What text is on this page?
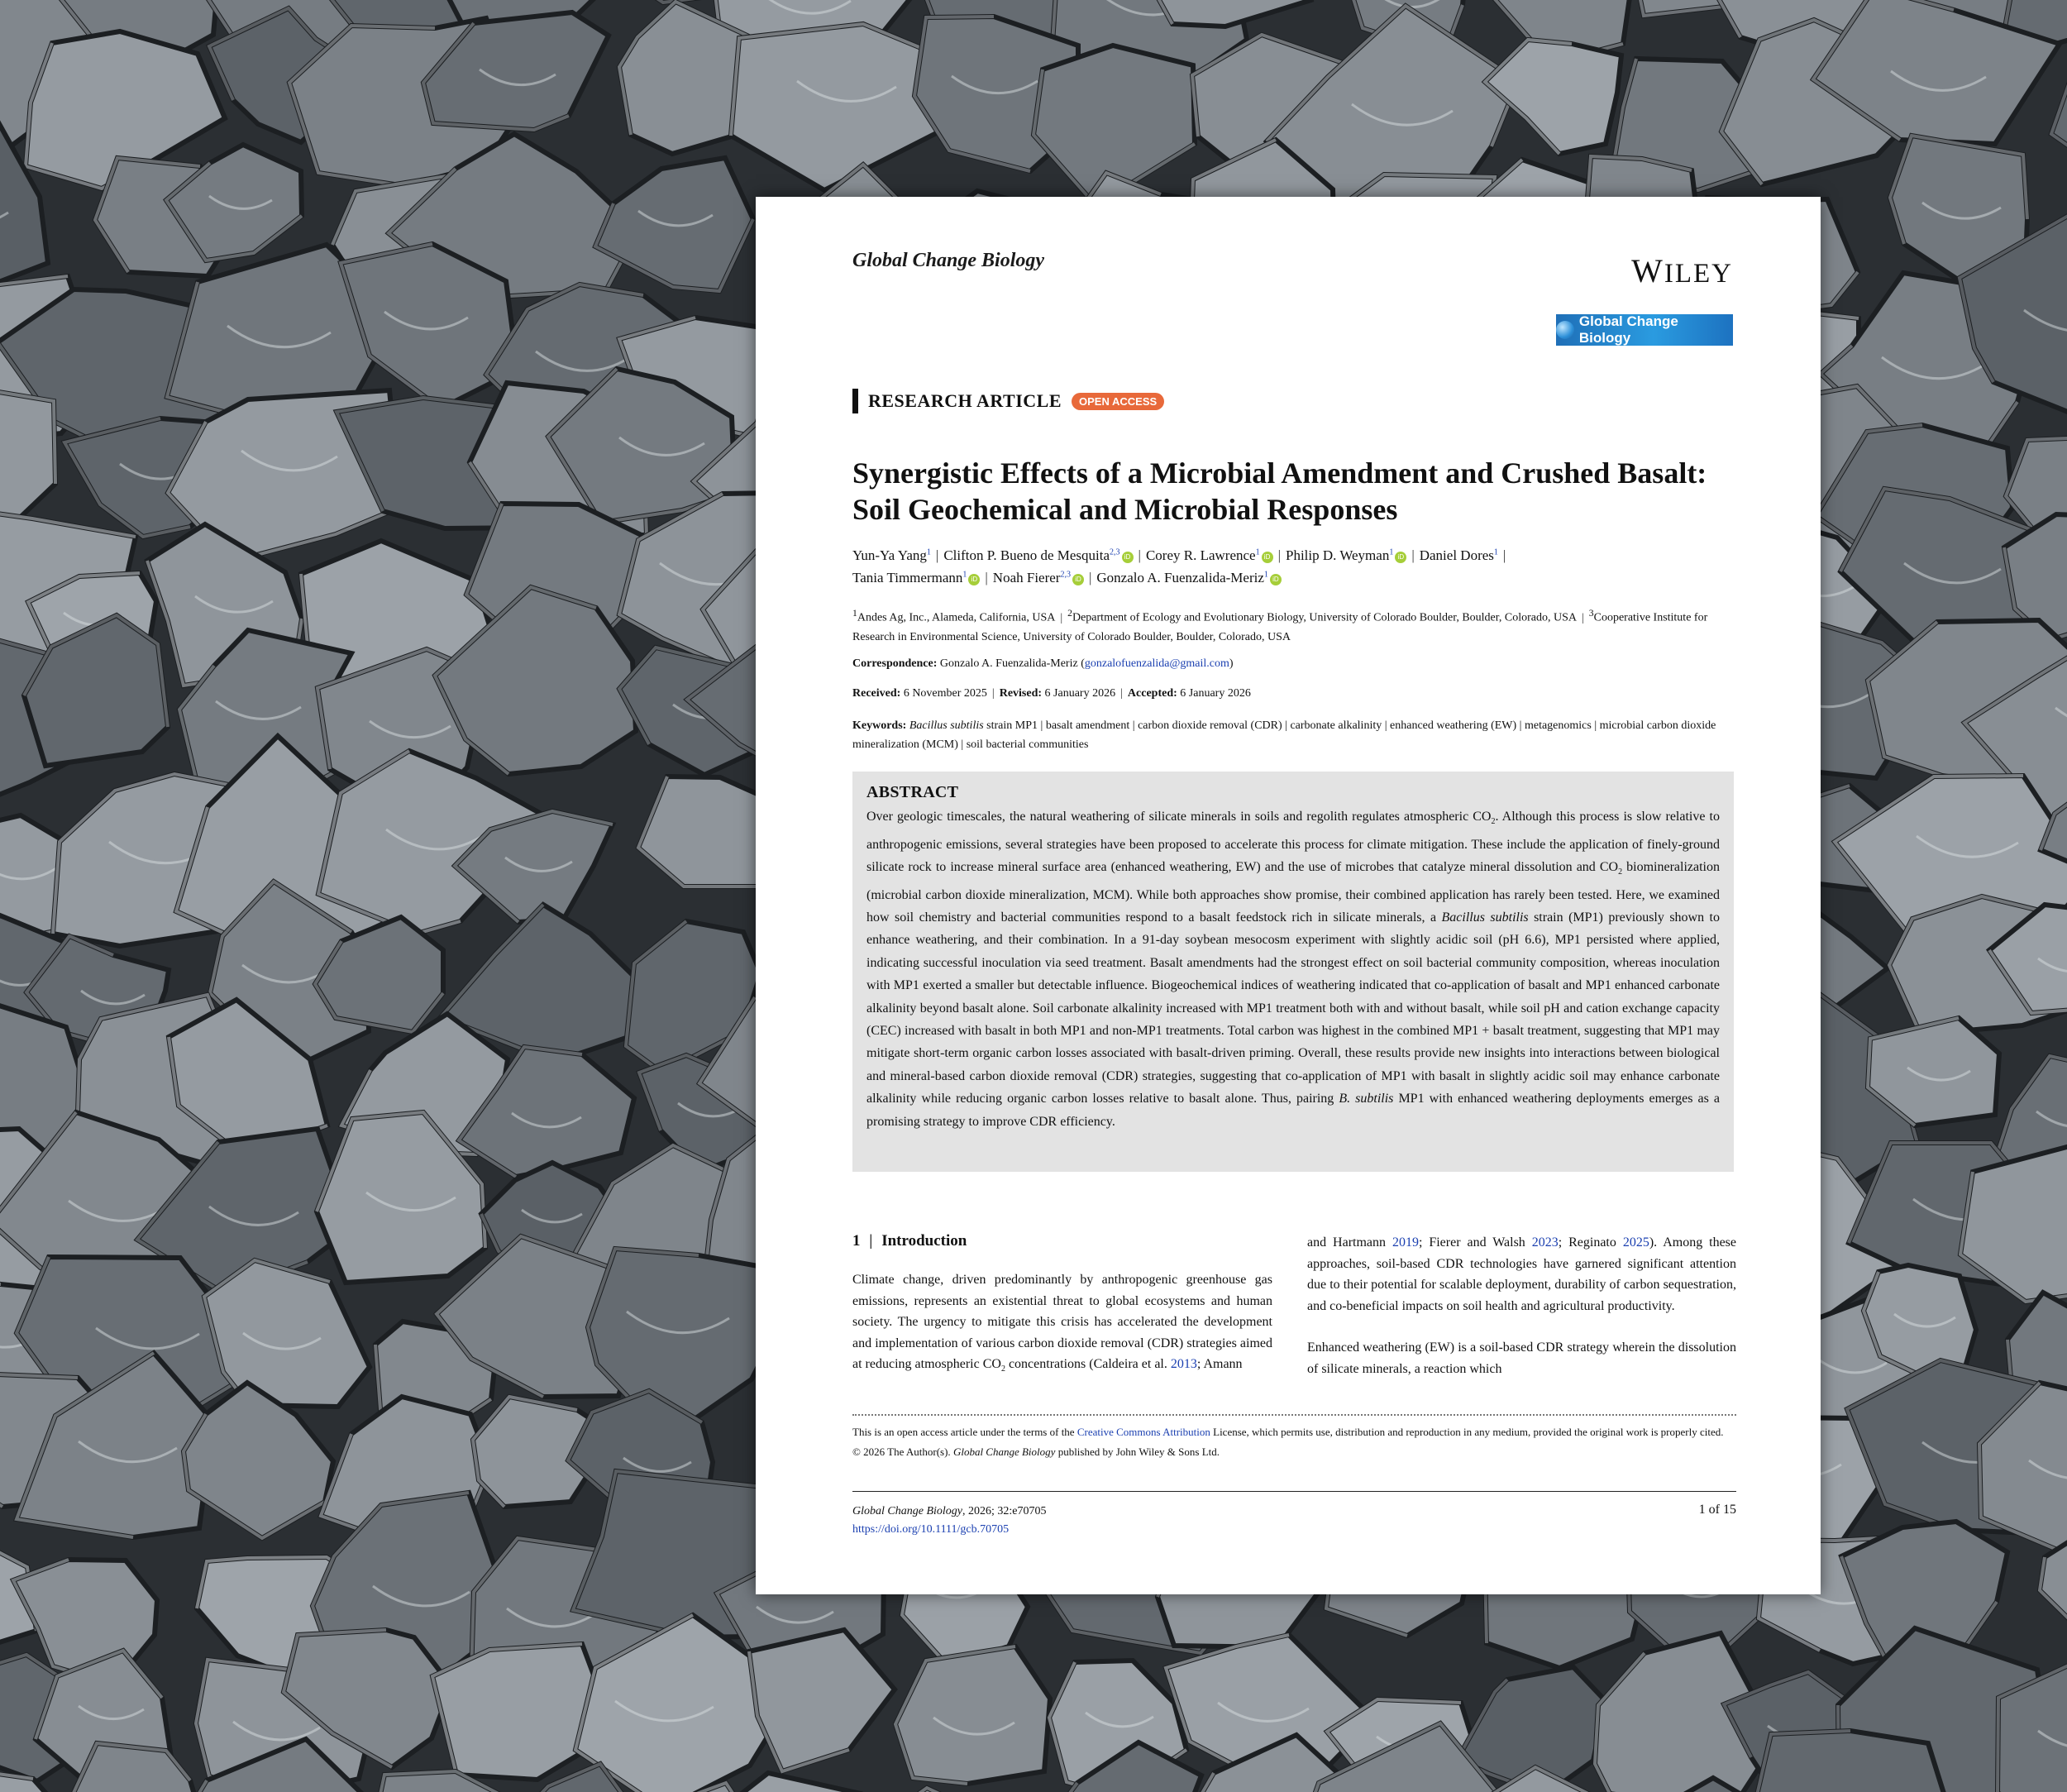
Global Change Biology	WILEY
Global Change Biology
RESEARCH ARTICLE	OPEN ACCESS
Synergistic Effects of a Microbial Amendment and Crushed Basalt: Soil Geochemical and Microbial Responses
Yun-Ya Yang$^1$ | Clifton P. Bueno de Mesquita$^{2,3}$iD | Corey R. Lawrence$^1$iD | Philip D. Weyman$^1$iD | Daniel Dores$^1$ |
Tania Timmermann$^1$iD | Noah Fierer$^{2,3}$iD | Gonzalo A. Fuenzalida-Meriz$^1$iD
$^1$Andes Ag, Inc., Alameda, California, USA | $^2$Department of Ecology and Evolutionary Biology, University of Colorado Boulder, Boulder, Colorado, USA | $^3$Cooperative Institute for Research in Environmental Science, University of Colorado Boulder, Boulder, Colorado, USA
Correspondence: Gonzalo A. Fuenzalida-Meriz (gonzalofuenzalida@gmail.com)
Received: 6 November 2025 | Revised: 6 January 2026 | Accepted: 6 January 2026
Keywords: Bacillus subtilis strain MP1 | basalt amendment | carbon dioxide removal (CDR) | carbonate alkalinity | enhanced weathering (EW) | metagenomics | microbial carbon dioxide mineralization (MCM) | soil bacterial communities
ABSTRACT

Over geologic timescales, the natural weathering of silicate minerals in soils and regolith regulates atmospheric $CO_2$. Although this process is slow relative to anthropogenic emissions, several strategies have been proposed to accelerate this process for climate mitigation. These include the application of finely-ground silicate rock to increase mineral surface area (enhanced weathering, EW) and the use of microbes that catalyze mineral dissolution and $CO_2$ biomineralization (microbial carbon dioxide mineralization, MCM). While both approaches show promise, their combined application has rarely been tested. Here, we examined how soil chemistry and bacterial communities respond to a basalt feedstock rich in silicate minerals, a Bacillus subtilis strain (MP1) previously shown to enhance weathering, and their combination. In a 91-day soybean mesocosm experiment with slightly acidic soil (pH 6.6), MP1 persisted where applied, indicating successful inoculation via seed treatment. Basalt amendments had the strongest effect on soil bacterial community composition, whereas inoculation with MP1 exerted a smaller but detectable influence. Biogeochemical indices of weathering indicated that co-application of basalt and MP1 enhanced carbonate alkalinity beyond basalt alone. Soil carbonate alkalinity increased with MP1 treatment both with and without basalt, while soil pH and cation exchange capacity (CEC) increased with basalt in both MP1 and non-MP1 treatments. Total carbon was highest in the combined MP1 + basalt treatment, suggesting that MP1 may mitigate short-term organic carbon losses associated with basalt-driven priming. Overall, these results provide new insights into interactions between biological and mineral-based carbon dioxide removal (CDR) strategies, suggesting that co-application of MP1 with basalt in slightly acidic soil may enhance carbonate alkalinity while reducing organic carbon losses relative to basalt alone. Thus, pairing B. subtilis MP1 with enhanced weathering deployments emerges as a promising strategy to improve CDR efficiency.

1 | Introduction
Climate change, driven predominantly by anthropogenic greenhouse gas emissions, represents an existential threat to global ecosystems and human society. The urgency to mitigate this crisis has accelerated the development and implementation of various carbon dioxide removal (CDR) strategies aimed at reducing atmospheric $CO_2$ concentrations (Caldeira et al. 2013; Amann

and Hartmann 2019; Fierer and Walsh 2023; Reginato 2025). Among these approaches, soil-based CDR technologies have garnered significant attention due to their potential for scalable deployment, durability of carbon sequestration, and co-beneficial impacts on soil health and agricultural productivity.

Enhanced weathering (EW) is a soil-based CDR strategy wherein the dissolution of silicate minerals, a reaction which

This is an open access article under the terms of the Creative Commons Attribution License, which permits use, distribution and reproduction in any medium, provided the original work is properly cited.
© 2026 The Author(s). Global Change Biology published by John Wiley & Sons Ltd.
Global Change Biology, 2026; 32:e70705
https://doi.org/10.1111/gcb.70705
1 of 15
